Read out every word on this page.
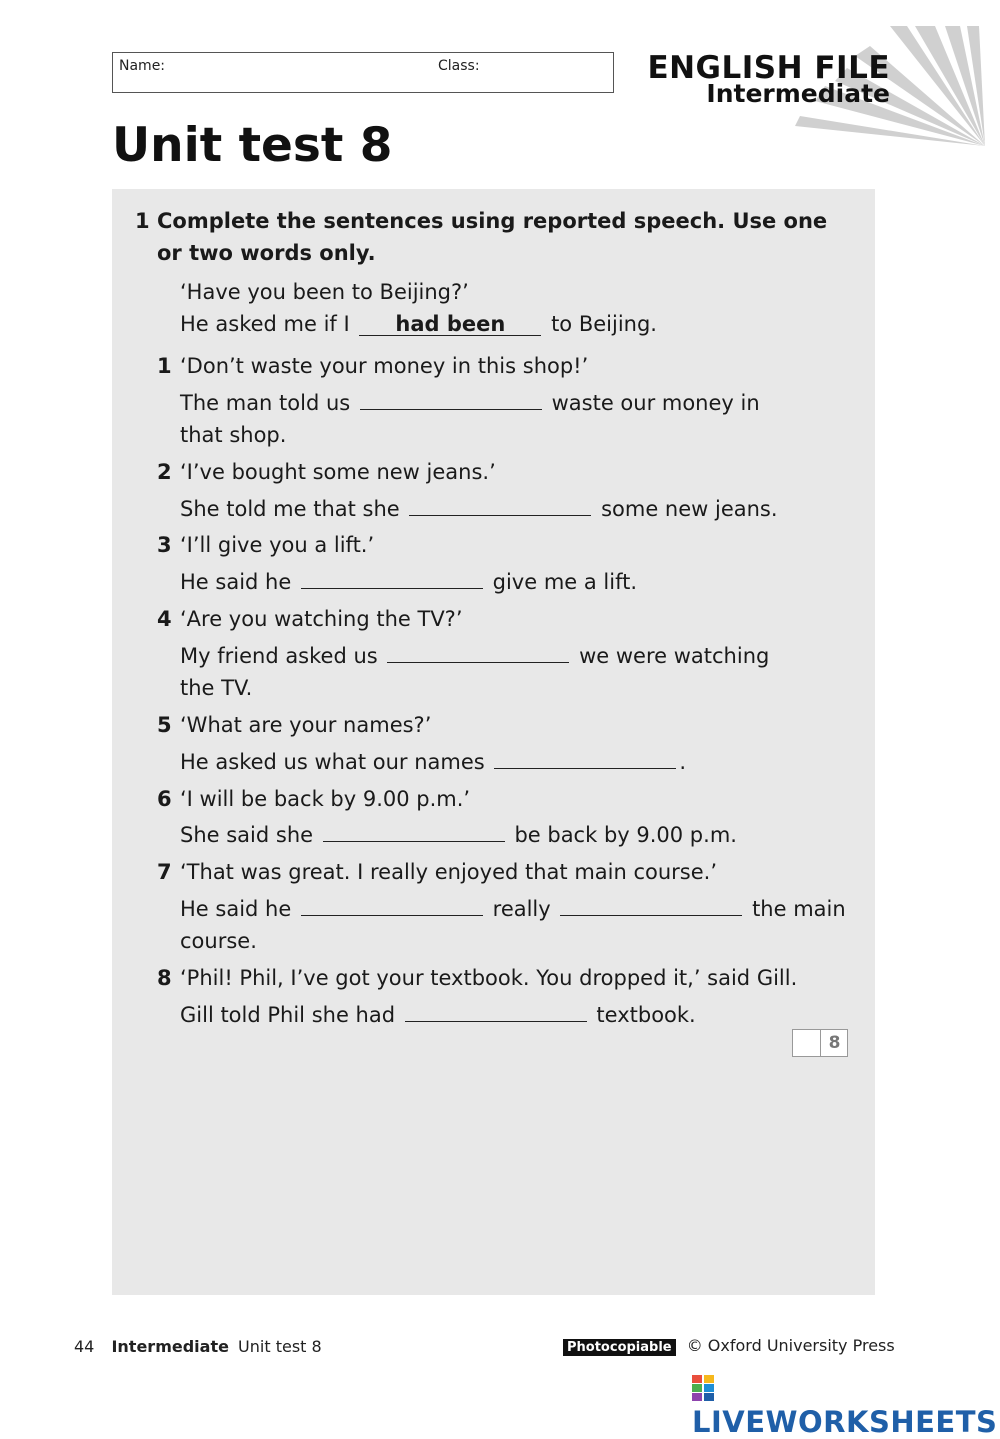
Name:	Class:	ENGLISH FILE
Intermediate
Unit test 8
1 Complete the sentences using reported speech. Use one or two words only.
‘Have you been to Beijing?’
He asked me if I had been to Beijing.
1 ‘Don’t waste your money in this shop!’
The man told us	waste our money in
that shop.
2 ‘I’ve bought some new jeans.’
She told me that she	some new jeans.
3 ‘I’ll give you a lift.’
He said he	give me a lift.
4 ‘Are you watching the TV?’
My friend asked us	we were watching
the TV.
5 ‘What are your names?’
He asked us what our names	.
6 ‘I will be back by 9.00 p.m.’
She said she	be back by 9.00 p.m.
7 ‘That was great. I really enjoyed that main course.’
He said he	really	the main
course.
8 ‘Phil! Phil, I’ve got your textbook. You dropped it,’ said Gill.
Gill told Phil she had	textbook.
8
44 Intermediate Unit test 8	Photocopiable © Oxford University Press
LIVEWORKSHEETS
